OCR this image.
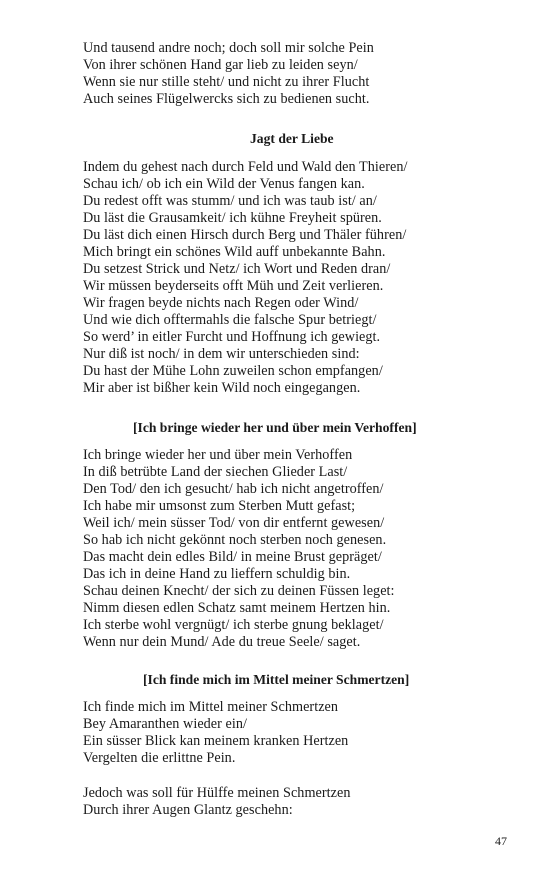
Und tausend andre noch; doch soll mir solche Pein
Von ihrer schönen Hand gar lieb zu leiden seyn/
Wenn sie nur stille steht/ und nicht zu ihrer Flucht
Auch seines Flügelwercks sich zu bedienen sucht.
Jagt der Liebe
Indem du gehest nach durch Feld und Wald den Thieren/
Schau ich/ ob ich ein Wild der Venus fangen kan.
Du redest offt was stumm/ und ich was taub ist/ an/
Du läst die Grausamkeit/ ich kühne Freyheit spüren.
Du läst dich einen Hirsch durch Berg und Thäler führen/
Mich bringt ein schönes Wild auff unbekannte Bahn.
Du setzest Strick und Netz/ ich Wort und Reden dran/
Wir müssen beyderseits offt Müh und Zeit verlieren.
Wir fragen beyde nichts nach Regen oder Wind/
Und wie dich offtermahls die falsche Spur betriegt/
So werd’ in eitler Furcht und Hoffnung ich gewiegt.
Nur diß ist noch/ in dem wir unterschieden sind:
Du hast der Mühe Lohn zuweilen schon empfangen/
Mir aber ist bißher kein Wild noch eingegangen.
[Ich bringe wieder her und über mein Verhoffen]
Ich bringe wieder her und über mein Verhoffen
In diß betrübte Land der siechen Glieder Last/
Den Tod/ den ich gesucht/ hab ich nicht angetroffen/
Ich habe mir umsonst zum Sterben Mutt gefast;
Weil ich/ mein süsser Tod/ von dir entfernt gewesen/
So hab ich nicht gekönnt noch sterben noch genesen.
Das macht dein edles Bild/ in meine Brust gepräget/
Das ich in deine Hand zu lieffern schuldig bin.
Schau deinen Knecht/ der sich zu deinen Füssen leget:
Nimm diesen edlen Schatz samt meinem Hertzen hin.
Ich sterbe wohl vergnügt/ ich sterbe gnung beklaget/
Wenn nur dein Mund/ Ade du treue Seele/ saget.
[Ich finde mich im Mittel meiner Schmertzen]
Ich finde mich im Mittel meiner Schmertzen
Bey Amaranthen wieder ein/
Ein süsser Blick kan meinem kranken Hertzen
Vergelten die erlittne Pein.
Jedoch was soll für Hülffe meinen Schmertzen
Durch ihrer Augen Glantz geschehn:
47
